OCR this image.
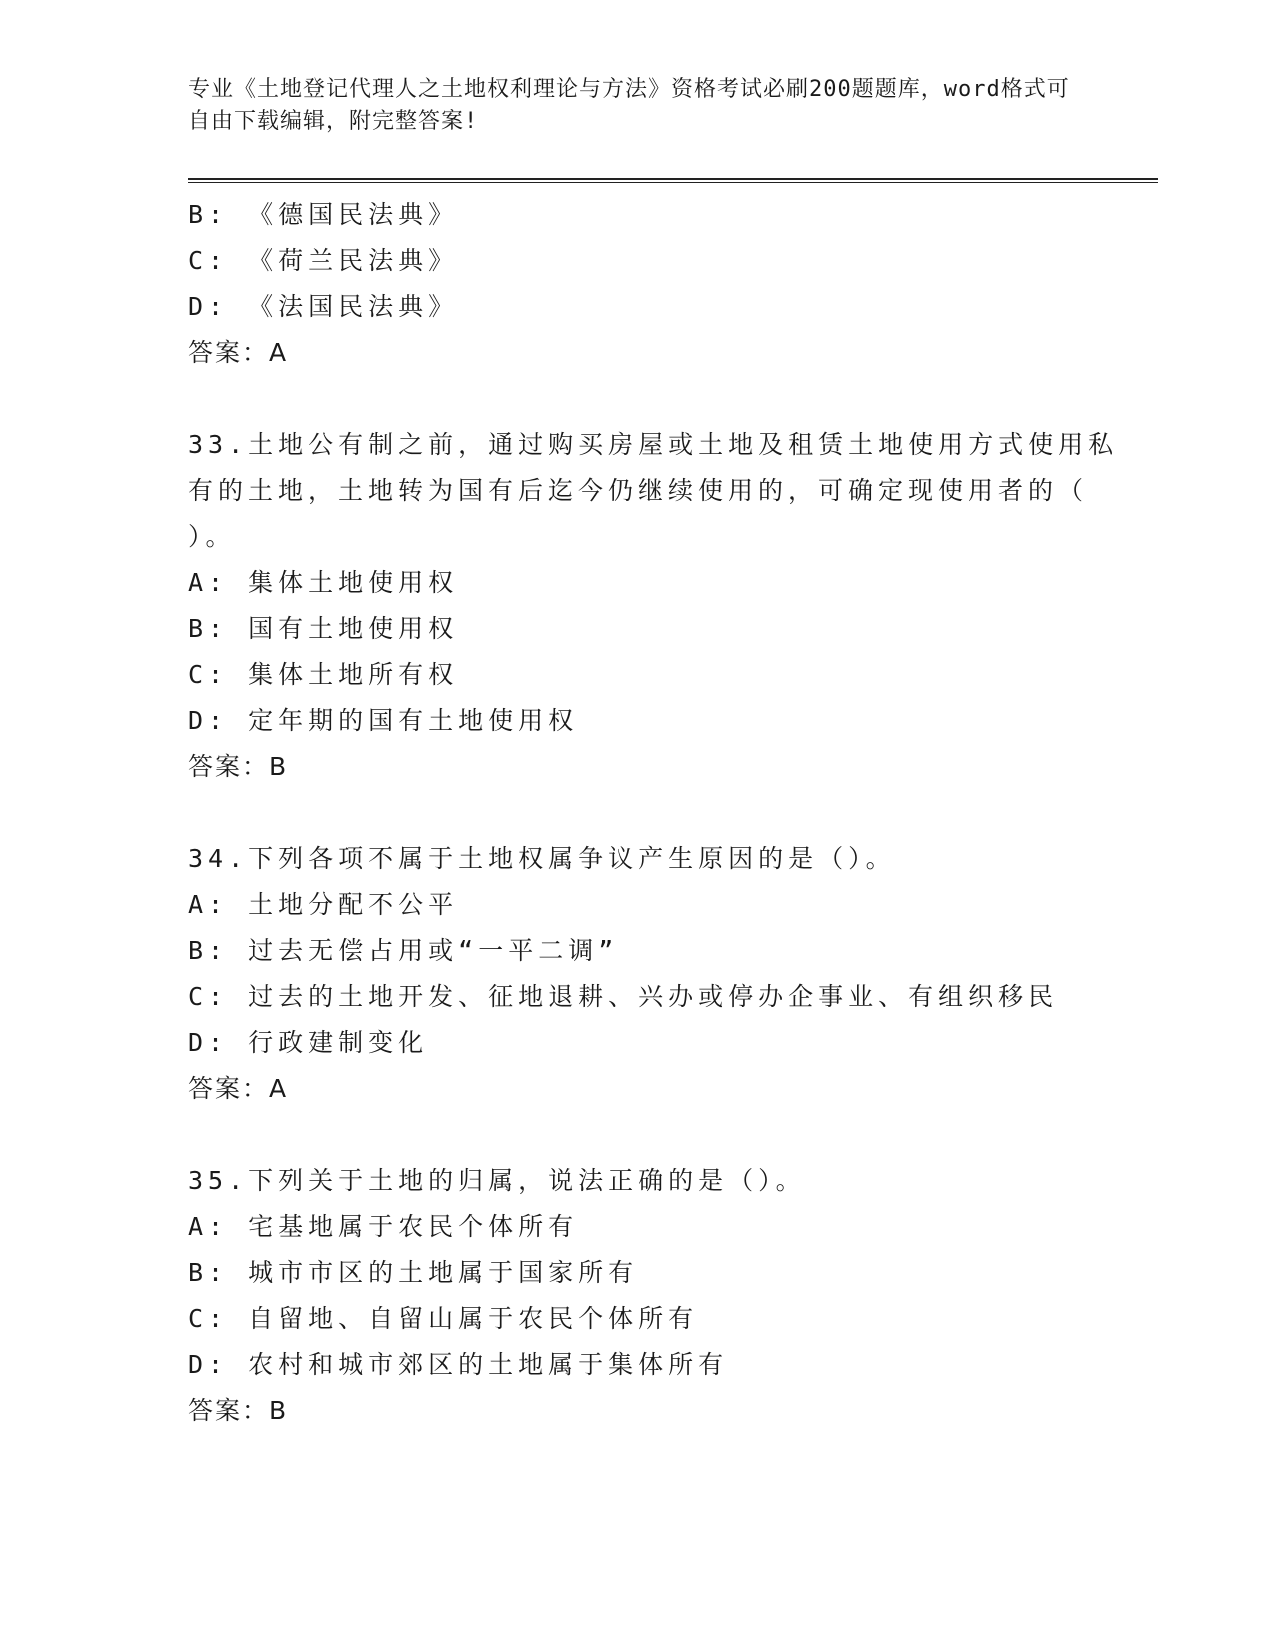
专业《土地登记代理人之土地权利理论与方法》资格考试必刷200题题库，word格式可自由下载编辑，附完整答案!
B: 《德国民法典》
C: 《荷兰民法典》
D: 《法国民法典》
答案：A
33.土地公有制之前，通过购买房屋或土地及租赁土地使用方式使用私
有的土地，土地转为国有后迄今仍继续使用的，可确定现使用者的（
）。
A: 集体土地使用权
B: 国有土地使用权
C: 集体土地所有权
D: 定年期的国有土地使用权
答案：B
34.下列各项不属于土地权属争议产生原因的是（）。
A: 土地分配不公平
B: 过去无偿占用或“一平二调”
C: 过去的土地开发、征地退耕、兴办或停办企事业、有组织移民
D: 行政建制变化
答案：A
35.下列关于土地的归属，说法正确的是（）。
A: 宅基地属于农民个体所有
B: 城市市区的土地属于国家所有
C: 自留地、自留山属于农民个体所有
D: 农村和城市郊区的土地属于集体所有
答案：B
